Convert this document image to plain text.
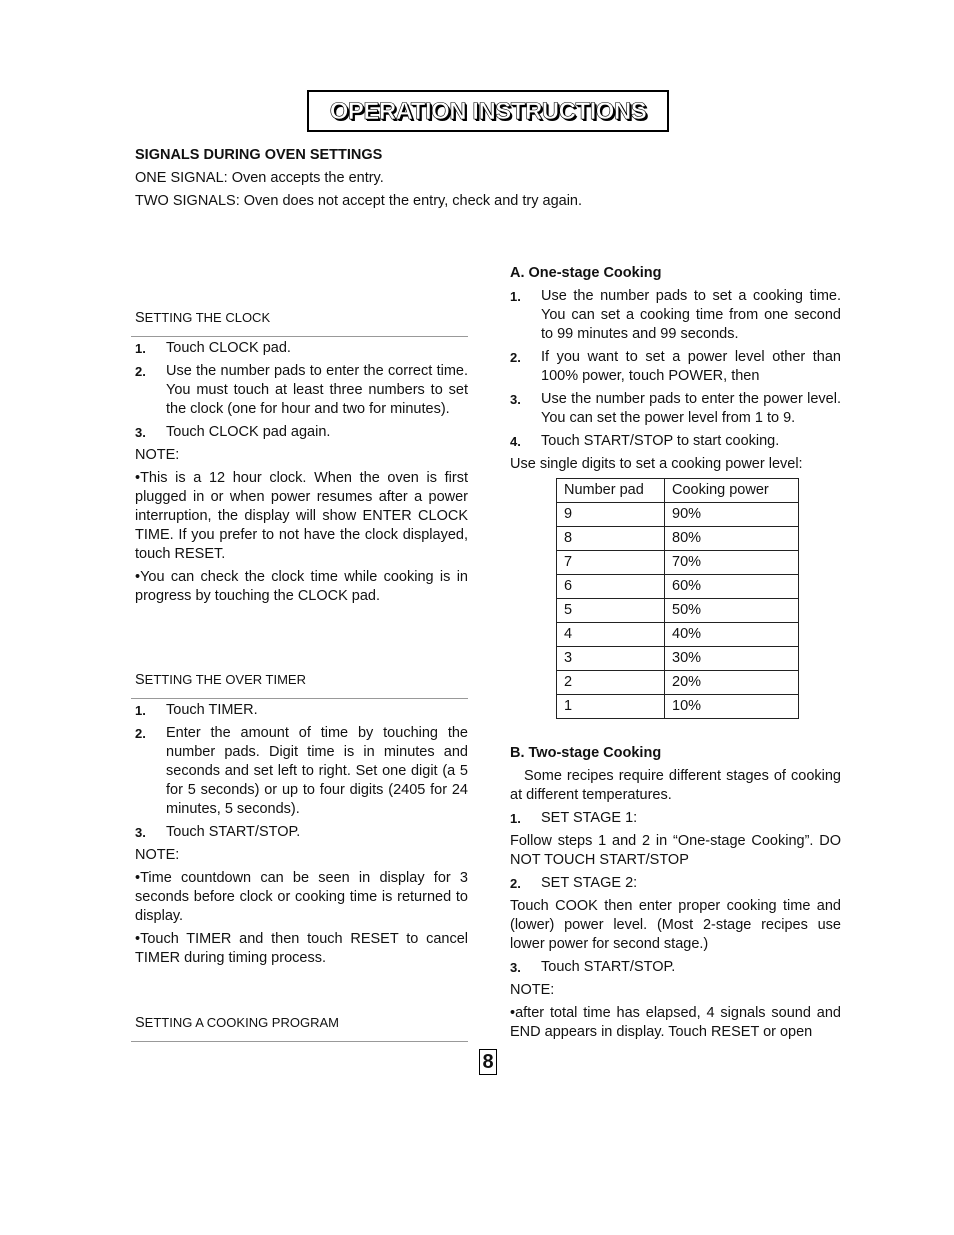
OPERATION INSTRUCTIONS

SIGNALS DURING OVEN SETTINGS

ONE SIGNAL: Oven accepts the entry.

TWO SIGNALS: Oven does not accept the entry, check and try again.

SETTING THE CLOCK
1. Touch CLOCK pad.
2. Use the number pads to enter the correct time. You must touch at least three numbers to set the clock (one for hour and two for minutes).
3. Touch CLOCK pad again.

NOTE:

•This is a 12 hour clock. When the oven is first plugged in or when power resumes after a power interruption, the display will show ENTER CLOCK TIME. If you prefer to not have the clock displayed, touch RESET.

•You can check the clock time while cooking is in progress by touching the CLOCK pad.

SETTING THE OVER TIMER
1. Touch TIMER.
2. Enter the amount of time by touching the number pads. Digit time is in minutes and seconds and set left to right. Set one digit (a 5 for 5 seconds) or up to four digits (2405 for 24 minutes, 5 seconds).
3. Touch START/STOP.

NOTE:

•Time countdown can be seen in display for 3 seconds before clock or cooking time is returned to display.

•Touch TIMER and then touch RESET to cancel TIMER during timing process.

SETTING A COOKING PROGRAM

A. One-stage Cooking

1. Use the number pads to set a cooking time. You can set a cooking time from one second to 99 minutes and 99 seconds.
2. If you want to set a power level other than 100% power, touch POWER, then
3. Use the number pads to enter the power level. You can set the power level from 1 to 9.
4. Touch START/STOP to start cooking.

Use single digits to set a cooking power level:

Number pad	Cooking power
9	90%
8	80%
7	70%
6	60%
5	50%
4	40%
3	30%
2	20%
1	10%

B. Two-stage Cooking

Some recipes require different stages of cooking at different temperatures.

1. SET STAGE 1:

Follow steps 1 and 2 in “One-stage Cooking”. DO NOT TOUCH START/STOP

2. SET STAGE 2:

Touch COOK then enter proper cooking time and (lower) power level. (Most 2-stage recipes use lower power for second stage.)

3. Touch START/STOP.

NOTE:

•after total time has elapsed, 4 signals sound and END appears in display. Touch RESET or open

8
